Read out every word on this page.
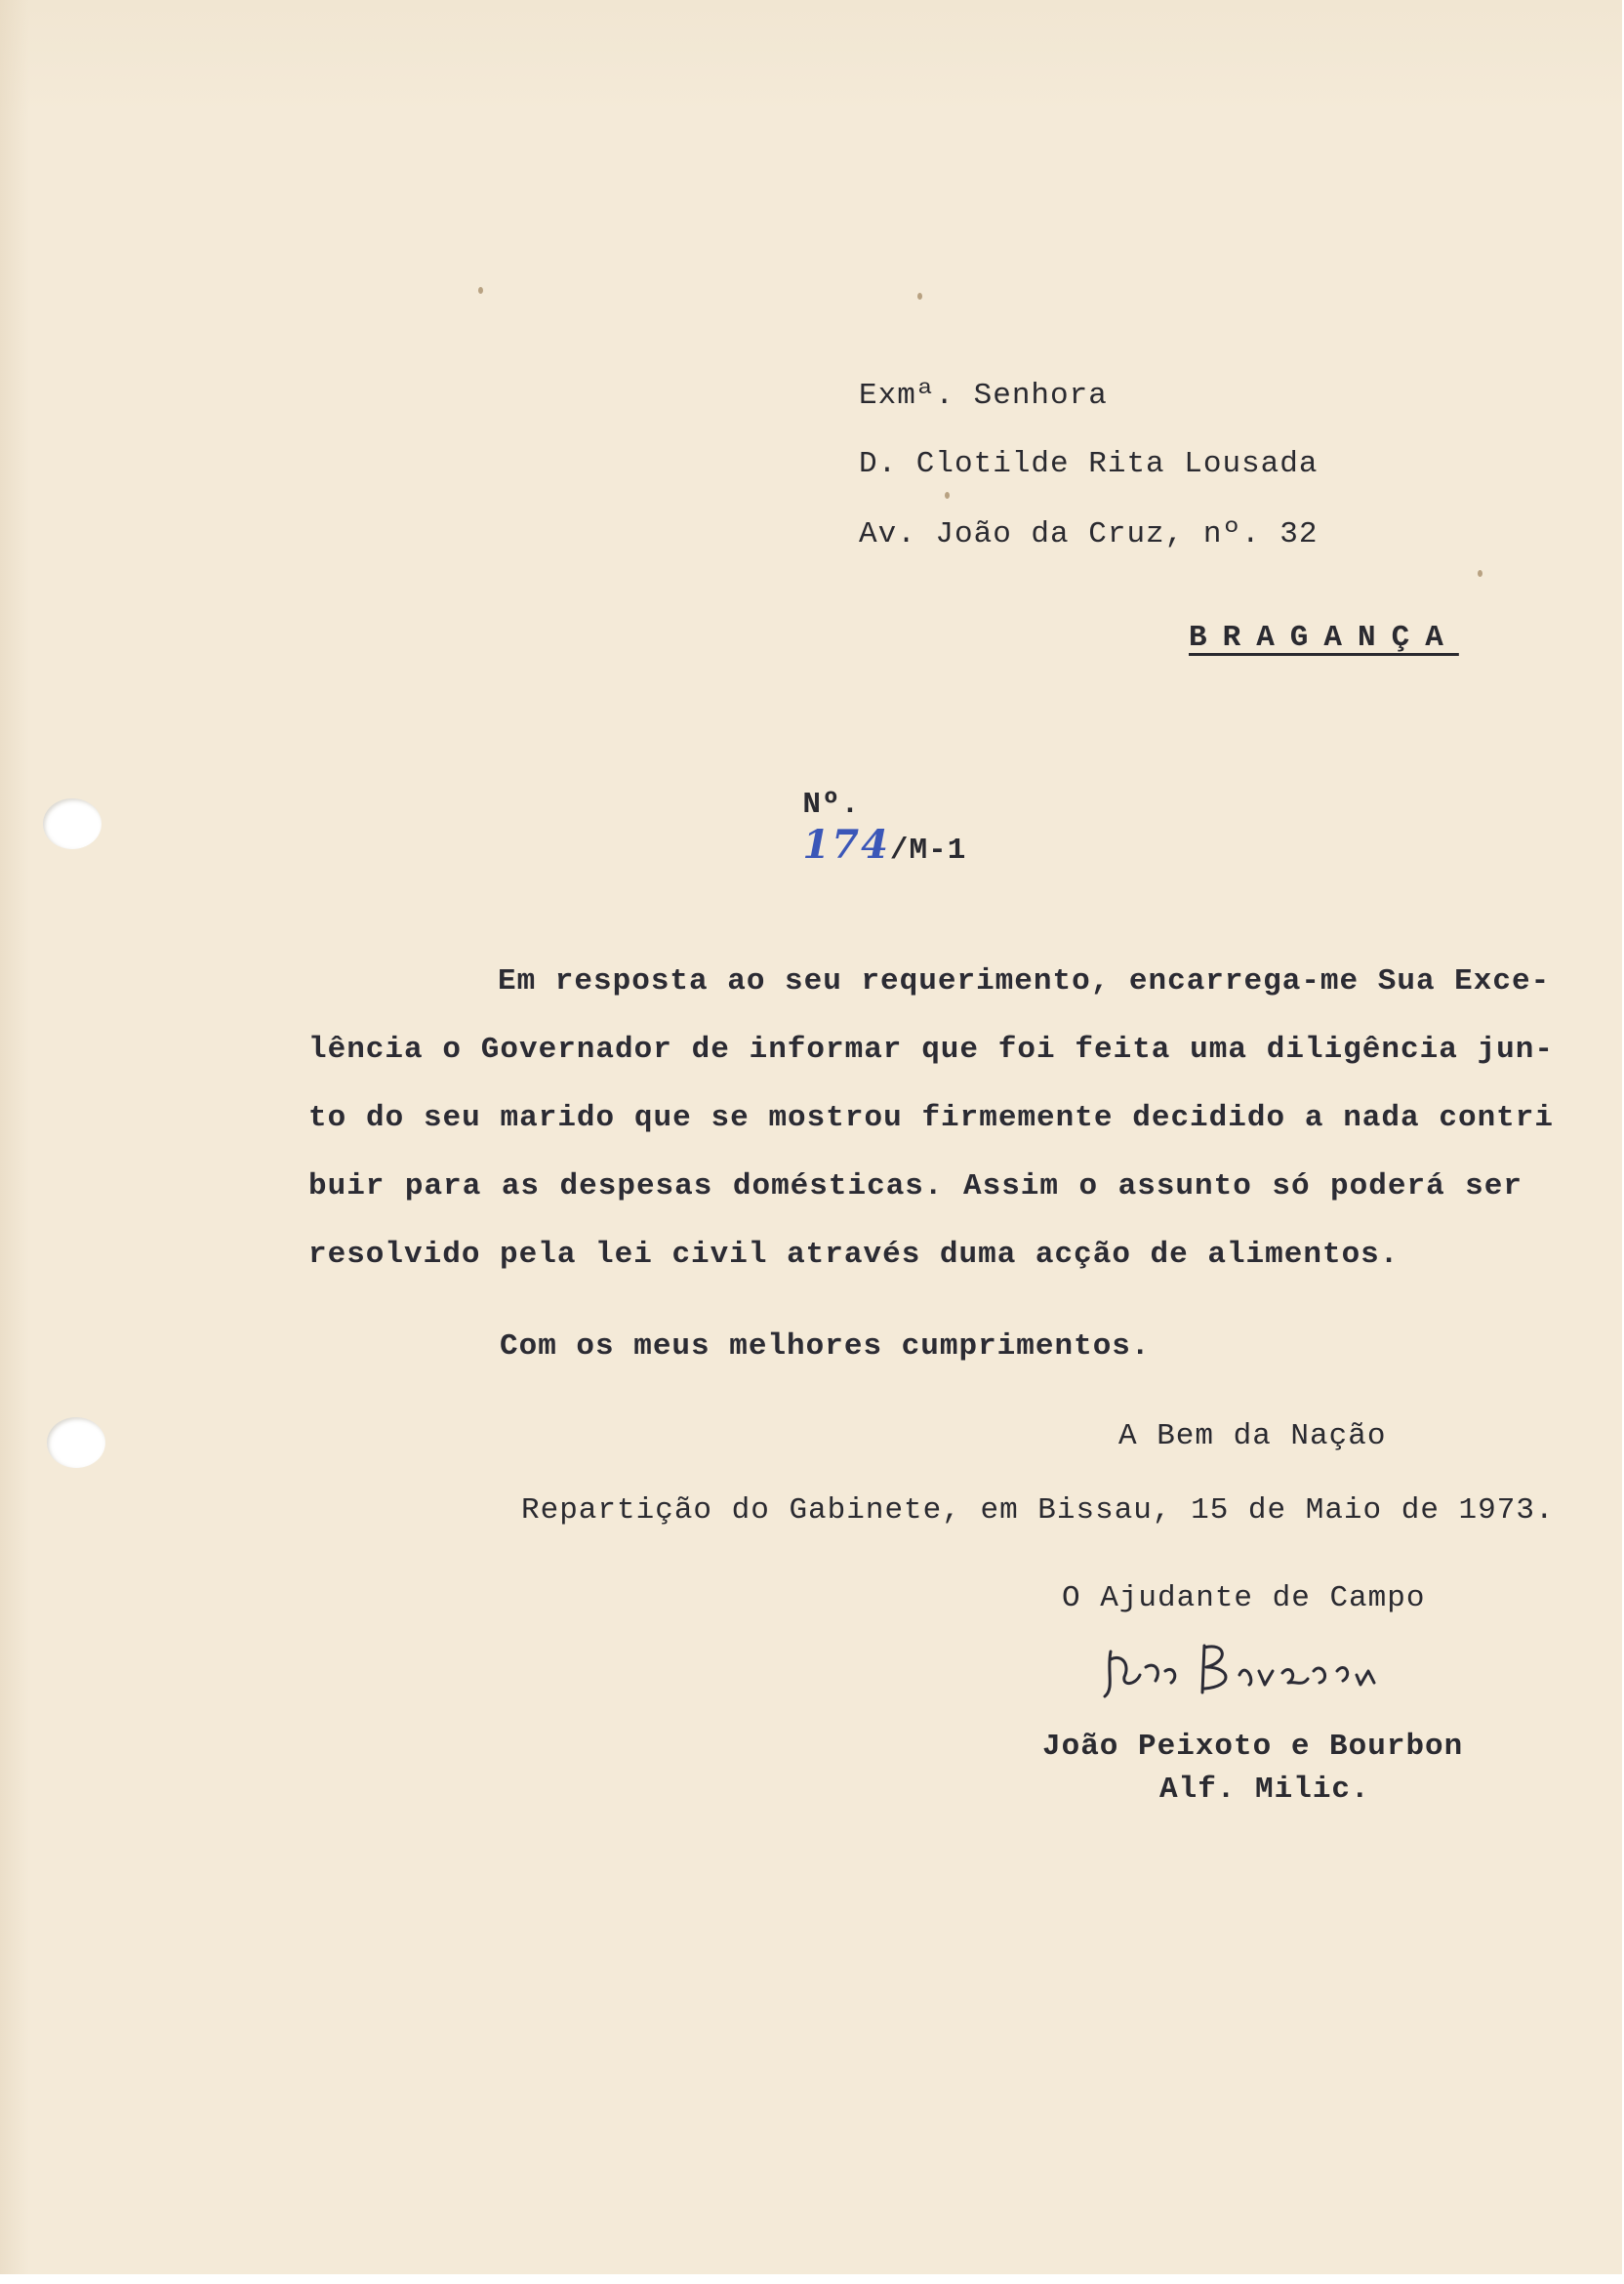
Exmª. Senhora
D. Clotilde Rita Lousada
Av. João da Cruz, nº. 32
BRAGANÇA

Nº.
174/M-1

Em resposta ao seu requerimento, encarrega-me Sua Exce-
lência o Governador de informar que foi feita uma diligência jun-
to do seu marido que se mostrou firmemente decidido a nada contri
buir para as despesas domésticas. Assim o assunto só poderá ser
resolvido pela lei civil através duma acção de alimentos.
Com os meus melhores cumprimentos.
A Bem da Nação
Repartição do Gabinete, em Bissau, 15 de Maio de 1973.
O Ajudante de Campo
João Peixoto e Bourbon
Alf. Milic.
